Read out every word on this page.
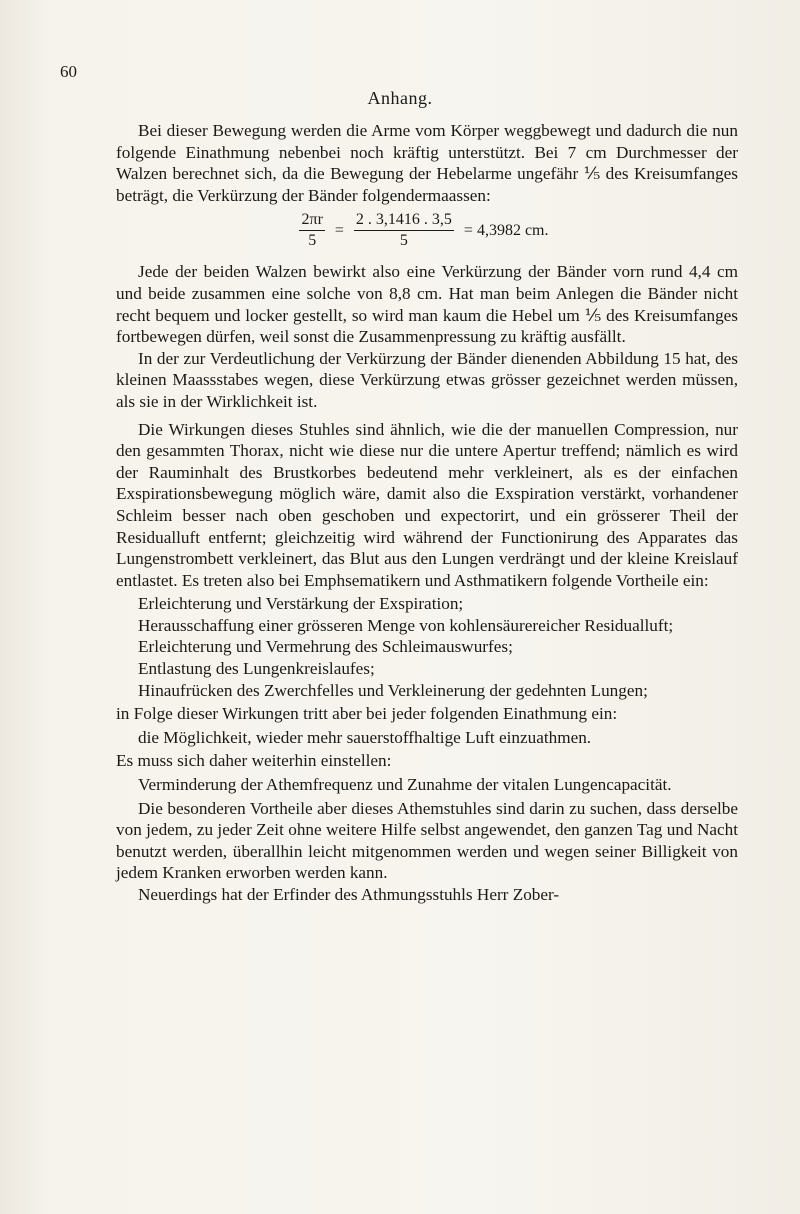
60
Anhang.

Bei dieser Bewegung werden die Arme vom Körper weggbewegt und dadurch die nun folgende Einathmung nebenbei noch kräftig unterstützt. Bei 7 cm Durchmesser der Walzen berechnet sich, da die Bewegung der Hebelarme ungefähr ⅕ des Kreisumfanges beträgt, die Verkürzung der Bänder folgendermaassen:

$\frac{2\pi r}{5} = \frac{2 . 3,1416 . 3,5}{5} = 4,3982$ cm.

Jede der beiden Walzen bewirkt also eine Verkürzung der Bänder vorn rund 4,4 cm und beide zusammen eine solche von 8,8 cm. Hat man beim Anlegen die Bänder nicht recht bequem und locker gestellt, so wird man kaum die Hebel um ⅕ des Kreisumfanges fortbewegen dürfen, weil sonst die Zusammenpressung zu kräftig ausfällt.

In der zur Verdeutlichung der Verkürzung der Bänder dienenden Abbildung 15 hat, des kleinen Maassstabes wegen, diese Verkürzung etwas grösser gezeichnet werden müssen, als sie in der Wirklichkeit ist.

Die Wirkungen dieses Stuhles sind ähnlich, wie die der manuellen Compression, nur den gesammten Thorax, nicht wie diese nur die untere Apertur treffend; nämlich es wird der Rauminhalt des Brustkorbes bedeutend mehr verkleinert, als es der einfachen Exspirationsbewegung möglich wäre, damit also die Exspiration verstärkt, vorhandener Schleim besser nach oben geschoben und expectorirt, und ein grösserer Theil der Residualluft entfernt; gleichzeitig wird während der Functionirung des Apparates das Lungenstrombett verkleinert, das Blut aus den Lungen verdrängt und der kleine Kreislauf entlastet. Es treten also bei Emphsematikern und Asthmatikern folgende Vortheile ein:

Erleichterung und Verstärkung der Exspiration;
Herausschaffung einer grösseren Menge von kohlensäurereicher Residualluft;
Erleichterung und Vermehrung des Schleimauswurfes;
Entlastung des Lungenkreislaufes;
Hinaufrücken des Zwerchfelles und Verkleinerung der gedehnten Lungen;

in Folge dieser Wirkungen tritt aber bei jeder folgenden Einathmung ein:

die Möglichkeit, wieder mehr sauerstoffhaltige Luft einzuathmen.

Es muss sich daher weiterhin einstellen:

Verminderung der Athemfrequenz und Zunahme der vitalen Lungencapacität.

Die besonderen Vortheile aber dieses Athemstuhles sind darin zu suchen, dass derselbe von jedem, zu jeder Zeit ohne weitere Hilfe selbst angewendet, den ganzen Tag und Nacht benutzt werden, überallhin leicht mitgenommen werden und wegen seiner Billigkeit von jedem Kranken erworben werden kann.

Neuerdings hat der Erfinder des Athmungsstuhls Herr Zober-
